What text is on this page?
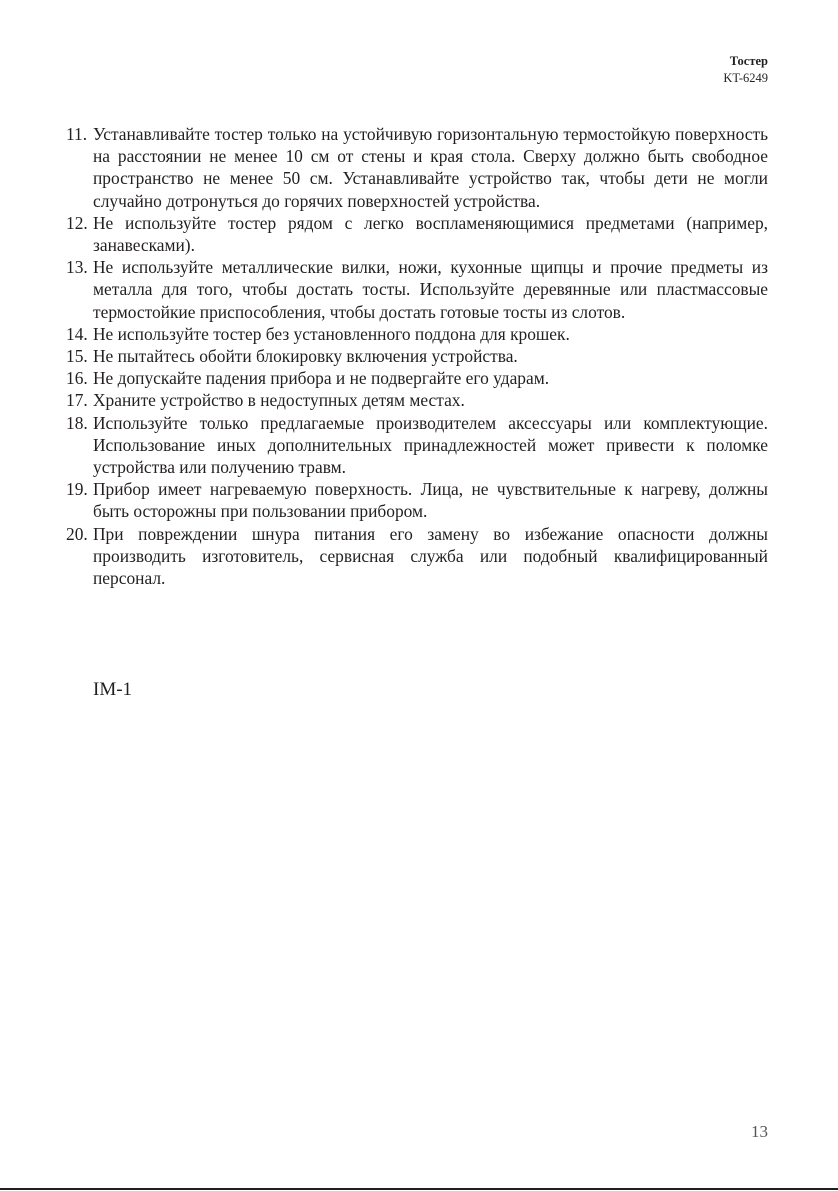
Тостер
KT-6249
11. Устанавливайте тостер только на устойчивую горизонтальную термостойкую поверхность на расстоянии не менее 10 см от стены и края стола. Сверху должно быть свободное пространство не менее 50 см. Устанавливайте устройство так, чтобы дети не могли случайно дотронуться до горячих поверхностей устройства.
12. Не используйте тостер рядом с легко воспламеняющимися предметами (например, занавесками).
13. Не используйте металлические вилки, ножи, кухонные щипцы и прочие предметы из металла для того, чтобы достать тосты. Используйте деревянные или пластмассовые термостойкие приспособления, чтобы достать готовые тосты из слотов.
14. Не используйте тостер без установленного поддона для крошек.
15. Не пытайтесь обойти блокировку включения устройства.
16. Не допускайте падения прибора и не подвергайте его ударам.
17. Храните устройство в недоступных детям местах.
18. Используйте только предлагаемые производителем аксессуары или комплектующие. Использование иных дополнительных принадлежностей может привести к поломке устройства или получению травм.
19. Прибор имеет нагреваемую поверхность. Лица, не чувствительные к нагреву, должны быть осторожны при пользовании прибором.
20. При повреждении шнура питания его замену во избежание опасности должны производить изготовитель, сервисная служба или подобный квалифицированный персонал.
IM-1
13
